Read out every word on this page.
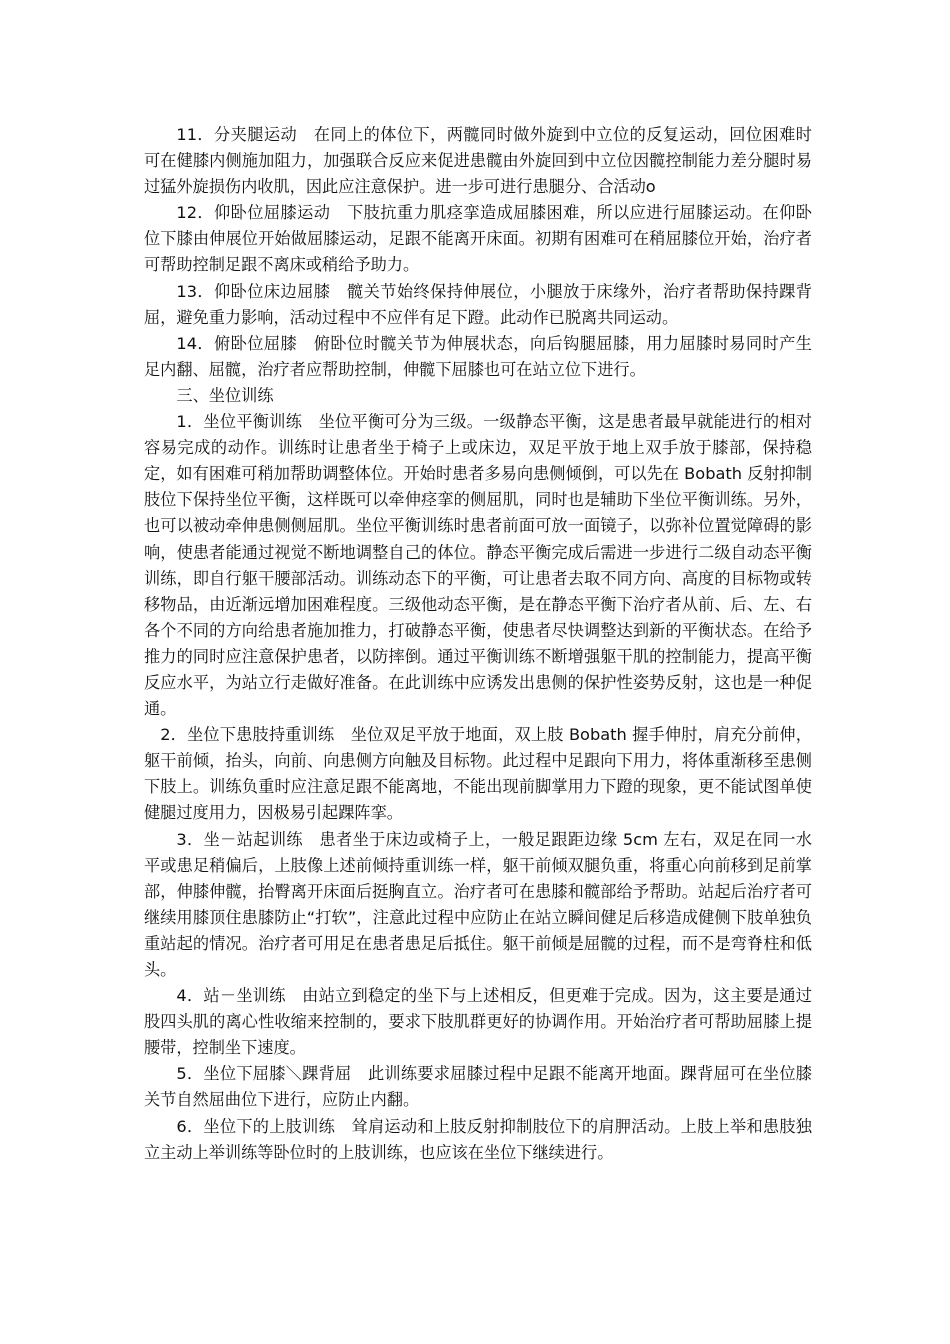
11．分夹腿运动　在同上的体位下，两髋同时做外旋到中立位的反复运动，回位困难时可在健膝内侧施加阻力，加强联合反应来促进患髋由外旋回到中立位因髋控制能力差分腿时易过猛外旋损伤内收肌，因此应注意保护。进一步可进行患腿分、合活动o

12．仰卧位屈膝运动　下肢抗重力肌痉挛造成屈膝困难，所以应进行屈膝运动。在仰卧位下膝由伸展位开始做屈膝运动，足跟不能离开床面。初期有困难可在稍屈膝位开始，治疗者可帮助控制足跟不离床或稍给予助力。

13．仰卧位床边屈膝　髋关节始终保持伸展位，小腿放于床缘外，治疗者帮助保持踝背屈，避免重力影响，活动过程中不应伴有足下蹬。此动作已脱离共同运动。

14．俯卧位屈膝　俯卧位时髋关节为伸展状态，向后钩腿屈膝，用力屈膝时易同时产生足内翻、屈髋，治疗者应帮助控制，伸髋下屈膝也可在站立位下进行。

三、坐位训练

1．坐位平衡训练　坐位平衡可分为三级。一级静态平衡，这是患者最早就能进行的相对容易完成的动作。训练时让患者坐于椅子上或床边，双足平放于地上双手放于膝部，保持稳定，如有困难可稍加帮助调整体位。开始时患者多易向患侧倾倒，可以先在 Bobath 反射抑制肢位下保持坐位平衡，这样既可以牵伸痉挛的侧屈肌，同时也是辅助下坐位平衡训练。另外，也可以被动牵伸患侧侧屈肌。坐位平衡训练时患者前面可放一面镜子，以弥补位置觉障碍的影响，使患者能通过视觉不断地调整自己的体位。静态平衡完成后需进一步进行二级自动态平衡训练，即自行躯干腰部活动。训练动态下的平衡，可让患者去取不同方向、高度的目标物或转移物品，由近渐远增加困难程度。三级他动态平衡，是在静态平衡下治疗者从前、后、左、右各个不同的方向给患者施加推力，打破静态平衡，使患者尽快调整达到新的平衡状态。在给予推力的同时应注意保护患者，以防摔倒。通过平衡训练不断增强躯干肌的控制能力，提高平衡反应水平，为站立行走做好准备。在此训练中应诱发出患侧的保护性姿势反射，这也是一种促通。

2．坐位下患肢持重训练　坐位双足平放于地面，双上肢 Bobath 握手伸肘，肩充分前伸，躯干前倾，抬头，向前、向患侧方向触及目标物。此过程中足跟向下用力，将体重渐移至患侧下肢上。训练负重时应注意足跟不能离地，不能出现前脚掌用力下蹬的现象，更不能试图单使健腿过度用力，因极易引起踝阵挛。

3．坐－站起训练　患者坐于床边或椅子上，一般足跟距边缘 5cm 左右，双足在同一水平或患足稍偏后，上肢像上述前倾持重训练一样，躯干前倾双腿负重，将重心向前移到足前掌部，伸膝伸髋，抬臀离开床面后挺胸直立。治疗者可在患膝和髋部给予帮助。站起后治疗者可继续用膝顶住患膝防止“打软”，注意此过程中应防止在站立瞬间健足后移造成健侧下肢单独负重站起的情况。治疗者可用足在患者患足后抵住。躯干前倾是屈髋的过程，而不是弯脊柱和低头。

4．站－坐训练　由站立到稳定的坐下与上述相反，但更难于完成。因为，这主要是通过股四头肌的离心性收缩来控制的，要求下肢肌群更好的协调作用。开始治疗者可帮助屈膝上提腰带，控制坐下速度。

5．坐位下屈膝＼踝背屈　此训练要求屈膝过程中足跟不能离开地面。踝背屈可在坐位膝关节自然屈曲位下进行，应防止内翻。

6．坐位下的上肢训练　耸肩运动和上肢反射抑制肢位下的肩胛活动。上肢上举和患肢独立主动上举训练等卧位时的上肢训练，也应该在坐位下继续进行。
